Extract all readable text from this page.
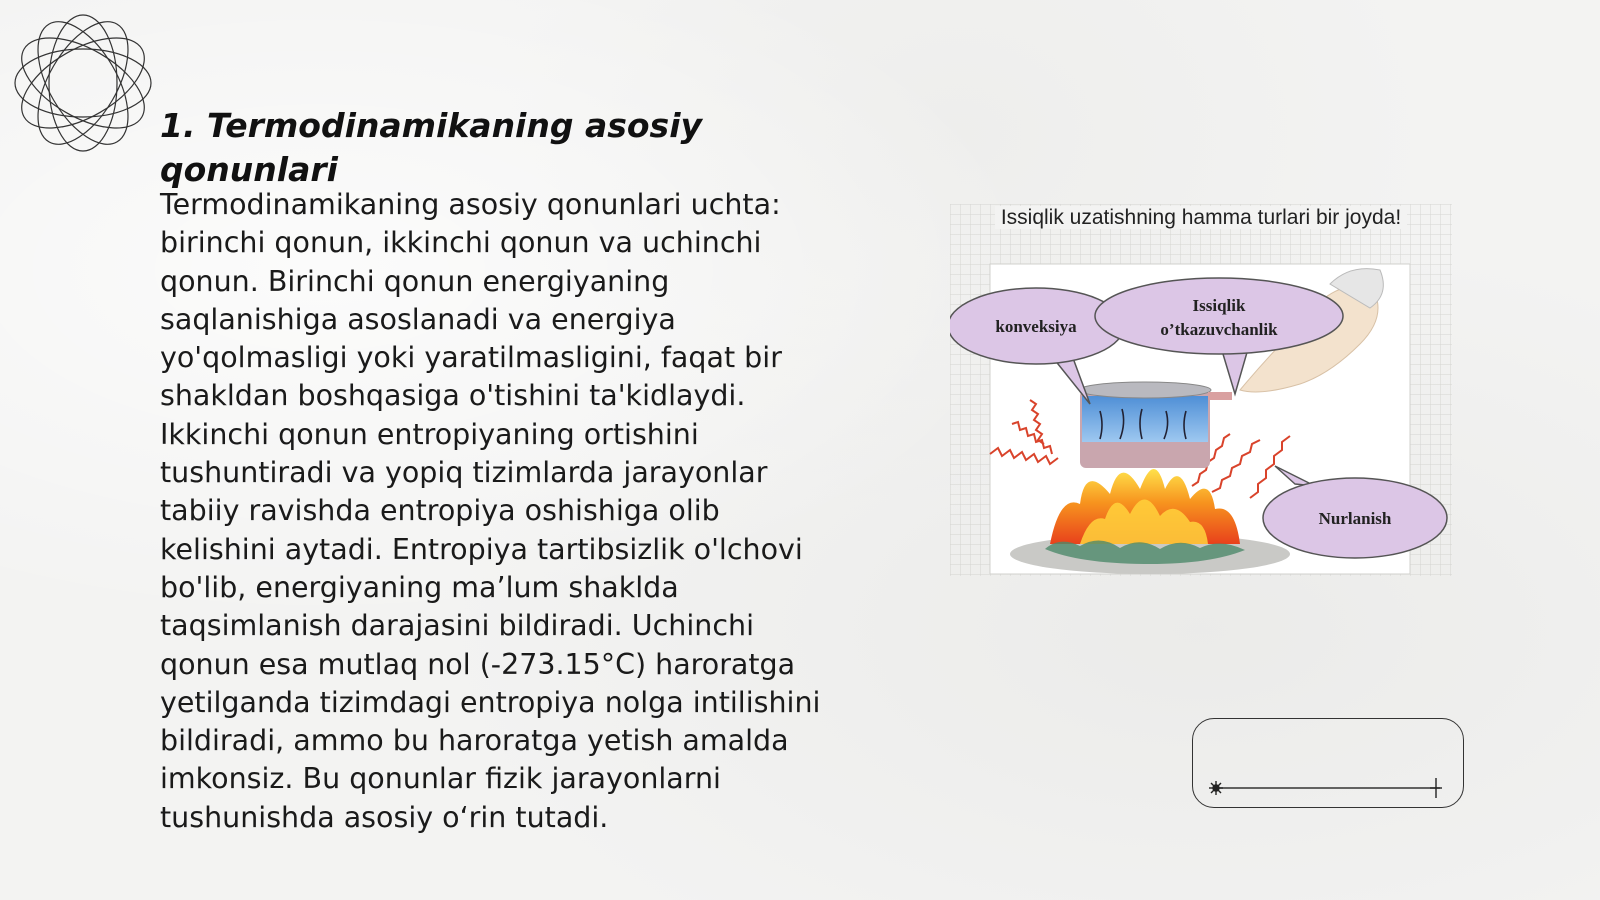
1. Termodinamikaning asosiy qonunlari

Termodinamikaning asosiy qonunlari uchta: birinchi qonun, ikkinchi qonun va uchinchi qonun. Birinchi qonun energiyaning saqlanishiga asoslanadi va energiya yo'qolmasligi yoki yaratilmasligini, faqat bir shakldan boshqasiga o'tishini ta'kidlaydi. Ikkinchi qonun entropiyaning ortishini tushuntiradi va yopiq tizimlarda jarayonlar tabiiy ravishda entropiya oshishiga olib kelishini aytadi. Entropiya tartibsizlik o'lchovi bo'lib, energiyaning ma’lum shaklda taqsimlanish darajasini bildiradi. Uchinchi qonun esa mutlaq nol (-273.15°C) haroratga yetilganda tizimdagi entropiya nolga intilishini bildiradi, ammo bu haroratga yetish amalda imkonsiz. Bu qonunlar fizik jarayonlarni tushunishda asosiy o‘rin tutadi.

konveksiya
Issiqlik
o’tkazuvchanlik
Nurlanish
Issiqlik uzatishning hamma turlari bir joyda!
